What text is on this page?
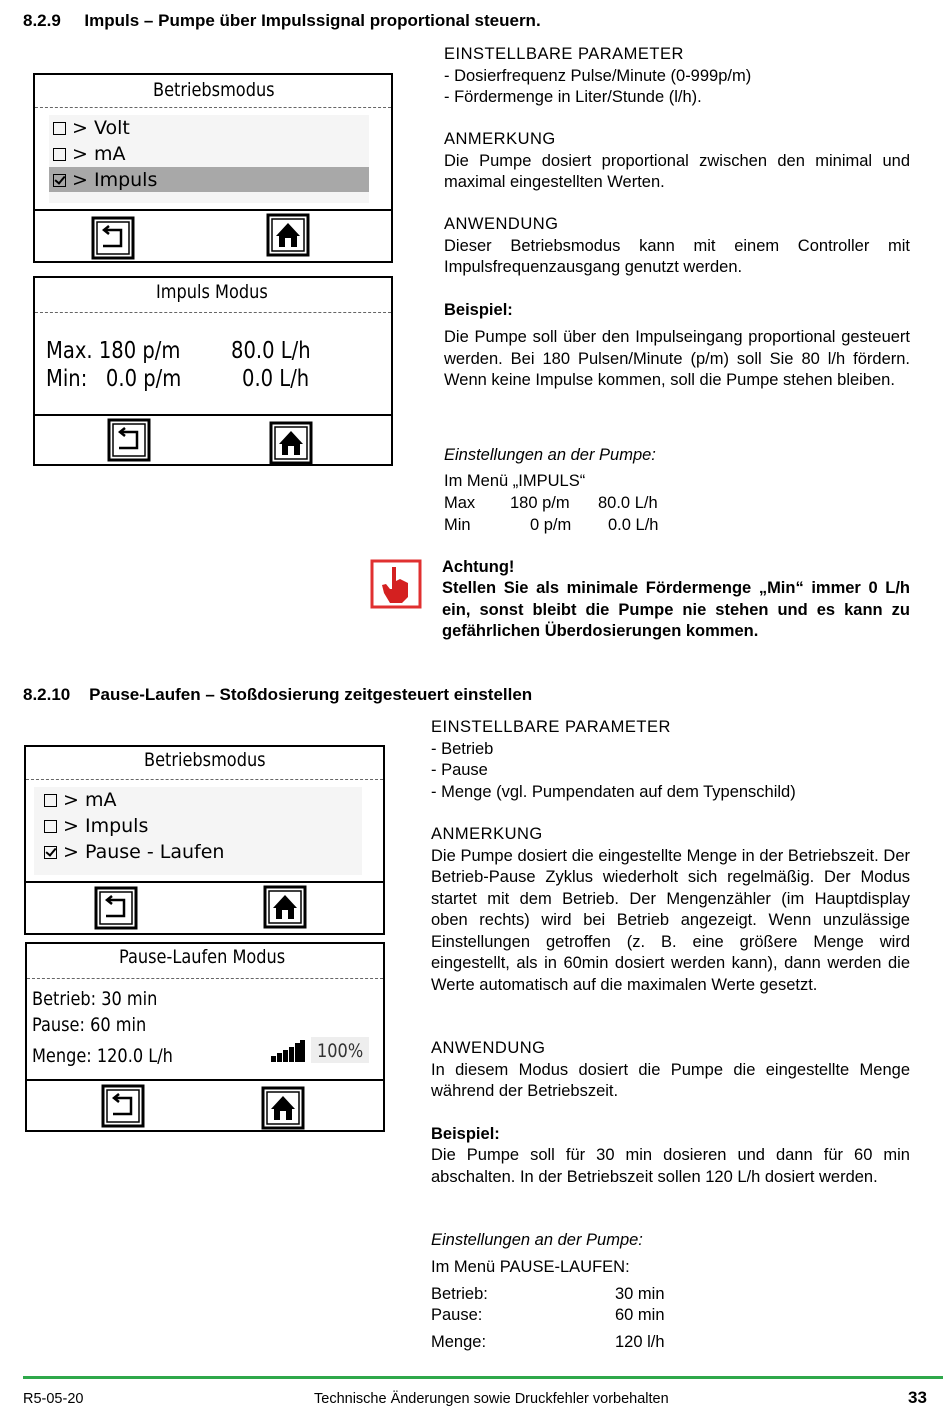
8.2.9     Impuls – Pumpe über Impulssignal proportional steuern.
Betriebsmodus
> Volt
> mA
> Impuls
Impuls Modus
Max. 180 p/m 80.0 L/h
Min:   0.0 p/m	0.0 L/h
EINSTELLBARE PARAMETER
- Dosierfrequenz Pulse/Minute (0-999p/m)
- Fördermenge in Liter/Stunde (l/h).
ANMERKUNG
Die Pumpe dosiert proportional zwischen den minimal und maximal eingestellten Werten.
ANWENDUNG
Dieser Betriebsmodus kann mit einem Controller mit Impulsfrequenzausgang genutzt werden.
Beispiel:
Die Pumpe soll über den Impulseingang proportional gesteuert werden. Bei 180 Pulsen/Minute (p/m) soll Sie 80 l/h fördern. Wenn keine Impulse kommen, soll die Pumpe stehen bleiben.
Einstellungen an der Pumpe:
Im Menü „IMPULS“
Max 180 p/m 80.0 L/h
Min	0 p/m 0.0 L/h
Achtung!
Stellen Sie als minimale Fördermenge „Min“ immer 0 L/h ein, sonst bleibt die Pumpe nie stehen und es kann zu gefährlichen Überdosierungen kommen.
8.2.10    Pause-Laufen – Stoßdosierung zeitgesteuert einstellen
Betriebsmodus
> mA
> Impuls
> Pause - Laufen
Pause-Laufen Modus
Betrieb: 30 min
Pause: 60 min
Menge: 120.0 L/h	100%
EINSTELLBARE PARAMETER
- Betrieb
- Pause
- Menge (vgl. Pumpendaten auf dem Typenschild)
ANMERKUNG
Die Pumpe dosiert die eingestellte Menge in der Betriebszeit. Der Betrieb-Pause Zyklus wiederholt sich regelmäßig. Der Modus startet mit dem Betrieb. Der Mengenzähler (im Hauptdisplay oben rechts) wird bei Betrieb angezeigt. Wenn unzulässige Einstellungen getroffen (z. B. eine größere Menge wird eingestellt, als in 60min dosiert werden kann), dann werden die Werte automatisch auf die maximalen Werte gesetzt.
ANWENDUNG
In diesem Modus dosiert die Pumpe die eingestellte Menge während der Betriebszeit.
Beispiel:
Die Pumpe soll für 30 min dosieren und dann für 60 min abschalten. In der Betriebszeit sollen 120 L/h dosiert werden.
Einstellungen an der Pumpe:
Im Menü PAUSE-LAUFEN:
Betrieb:	30 min
Pause:	60 min
Menge:	120 l/h
R5-05-20	Technische Änderungen sowie Druckfehler vorbehalten	33
